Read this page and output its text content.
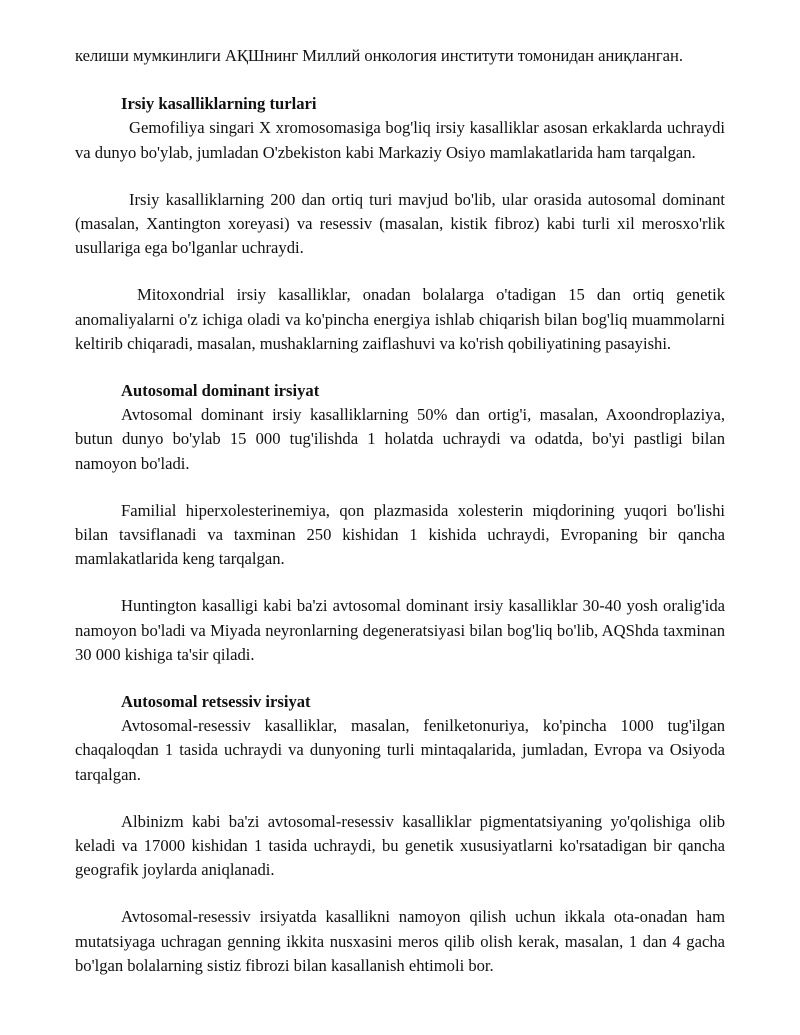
келиши мумкинлиги АҚШнинг Миллий онкология институти томонидан аниқланган.

Irsiy kasalliklarning turlari

Gemofiliya singari X xromosomasiga bog'liq irsiy kasalliklar asosan erkaklarda uchraydi va dunyo bo'ylab, jumladan O'zbekiston kabi Markaziy Osiyo mamlakatlarida ham tarqalgan.

Irsiy kasalliklarning 200 dan ortiq turi mavjud bo'lib, ular orasida autosomal dominant (masalan, Xantington xoreyasi) va resessiv (masalan, kistik fibroz) kabi turli xil merosxo'rlik usullariga ega bo'lganlar uchraydi.

Mitoxondrial irsiy kasalliklar, onadan bolalarga o'tadigan 15 dan ortiq genetik anomaliyalarni o'z ichiga oladi va ko'pincha energiya ishlab chiqarish bilan bog'liq muammolarni keltirib chiqaradi, masalan, mushaklarning zaiflashuvi va ko'rish qobiliyatining pasayishi.

Autosomal dominant irsiyat

Avtosomal dominant irsiy kasalliklarning 50% dan ortig'i, masalan, Axoondroplaziya, butun dunyo bo'ylab 15 000 tug'ilishda 1 holatda uchraydi va odatda, bo'yi pastligi bilan namoyon bo'ladi.

Familial hiperxolesterinemiya, qon plazmasida xolesterin miqdorining yuqori bo'lishi bilan tavsiflanadi va taxminan 250 kishidan 1 kishida uchraydi, Evropaning bir qancha mamlakatlarida keng tarqalgan.

Huntington kasalligi kabi ba'zi avtosomal dominant irsiy kasalliklar 30-40 yosh oralig'ida namoyon bo'ladi va Miyada neyronlarning degeneratsiyasi bilan bog'liq bo'lib, AQShda taxminan 30 000 kishiga ta'sir qiladi.

Autosomal retsessiv irsiyat

Avtosomal-resessiv kasalliklar, masalan, fenilketonuriya, ko'pincha 1000 tug'ilgan chaqaloqdan 1 tasida uchraydi va dunyoning turli mintaqalarida, jumladan, Evropa va Osiyoda tarqalgan.

Albinizm kabi ba'zi avtosomal-resessiv kasalliklar pigmentatsiyaning yo'qolishiga olib keladi va 17000 kishidan 1 tasida uchraydi, bu genetik xususiyatlarni ko'rsatadigan bir qancha geografik joylarda aniqlanadi.

Avtosomal-resessiv irsiyatda kasallikni namoyon qilish uchun ikkala ota-onadan ham mutatsiyaga uchragan genning ikkita nusxasini meros qilib olish kerak, masalan, 1 dan 4 gacha bo'lgan bolalarning sistiz fibrozi bilan kasallanish ehtimoli bor.
